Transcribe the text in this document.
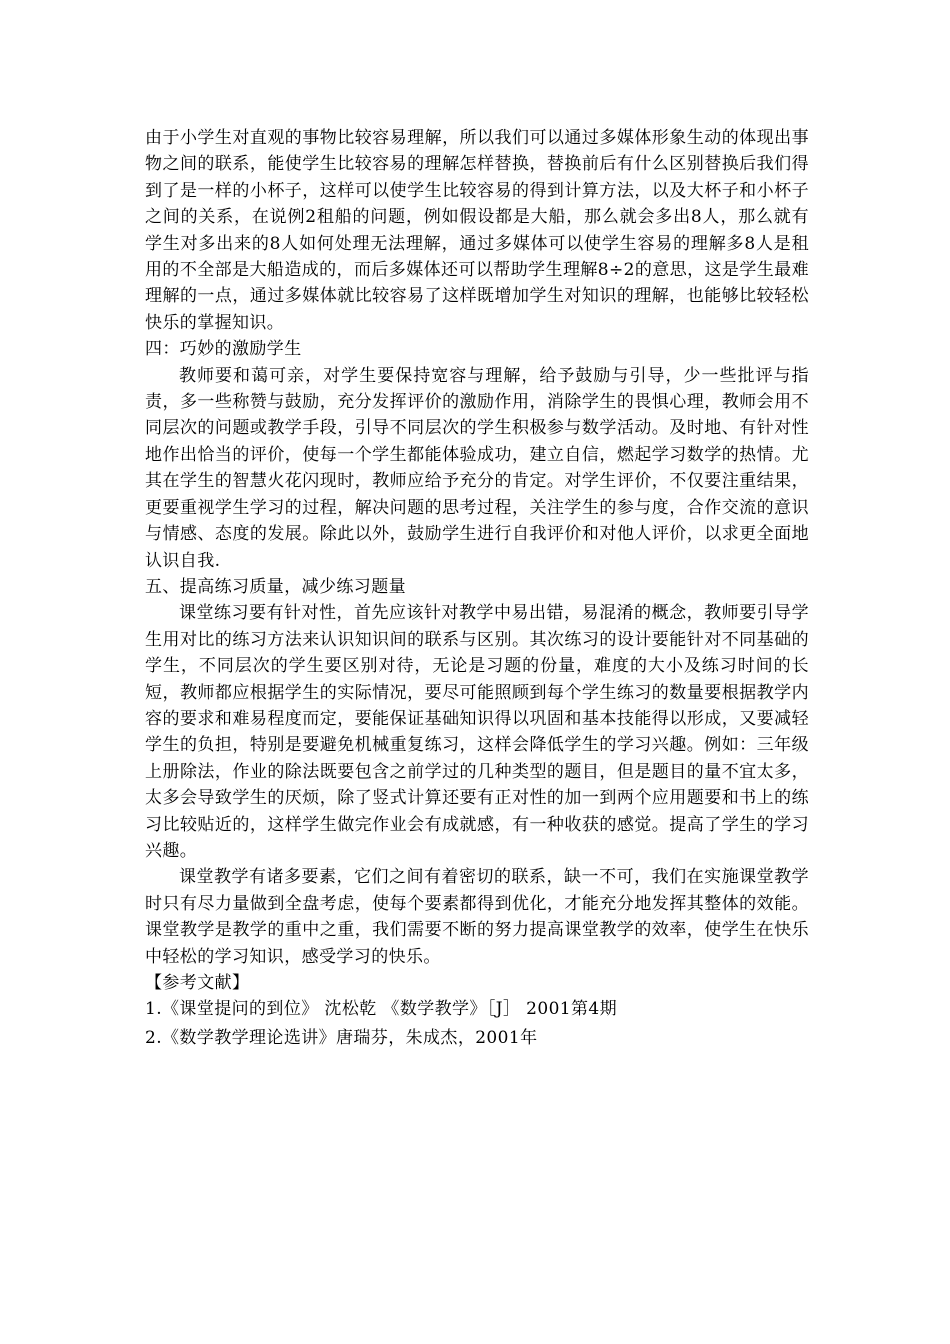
由于小学生对直观的事物比较容易理解，所以我们可以通过多媒体形象生动的体现出事物之间的联系，能使学生比较容易的理解怎样替换，替换前后有什么区别替换后我们得到了是一样的小杯子，这样可以使学生比较容易的得到计算方法，以及大杯子和小杯子之间的关系，在说例2租船的问题，例如假设都是大船，那么就会多出8人，那么就有学生对多出来的8人如何处理无法理解，通过多媒体可以使学生容易的理解多8人是租用的不全部是大船造成的，而后多媒体还可以帮助学生理解8÷2的意思，这是学生最难理解的一点，通过多媒体就比较容易了这样既增加学生对知识的理解，也能够比较轻松快乐的掌握知识。

四：巧妙的激励学生

教师要和蔼可亲，对学生要保持宽容与理解，给予鼓励与引导，少一些批评与指责，多一些称赞与鼓励，充分发挥评价的激励作用，消除学生的畏惧心理，教师会用不同层次的问题或教学手段，引导不同层次的学生积极参与数学活动。及时地、有针对性地作出恰当的评价，使每一个学生都能体验成功，建立自信，燃起学习数学的热情。尤其在学生的智慧火花闪现时，教师应给予充分的肯定。对学生评价，不仅要注重结果，更要重视学生学习的过程，解决问题的思考过程，关注学生的参与度，合作交流的意识与情感、态度的发展。除此以外，鼓励学生进行自我评价和对他人评价，以求更全面地认识自我.

五、提高练习质量，减少练习题量

课堂练习要有针对性，首先应该针对教学中易出错，易混淆的概念，教师要引导学生用对比的练习方法来认识知识间的联系与区别。其次练习的设计要能针对不同基础的学生，不同层次的学生要区别对待，无论是习题的份量，难度的大小及练习时间的长短，教师都应根据学生的实际情况，要尽可能照顾到每个学生练习的数量要根据教学内容的要求和难易程度而定，要能保证基础知识得以巩固和基本技能得以形成，又要减轻学生的负担，特别是要避免机械重复练习，这样会降低学生的学习兴趣。例如：三年级上册除法，作业的除法既要包含之前学过的几种类型的题目，但是题目的量不宜太多，太多会导致学生的厌烦，除了竖式计算还要有正对性的加一到两个应用题要和书上的练习比较贴近的，这样学生做完作业会有成就感，有一种收获的感觉。提高了学生的学习兴趣。

课堂教学有诸多要素，它们之间有着密切的联系，缺一不可，我们在实施课堂教学时只有尽力量做到全盘考虑，使每个要素都得到优化，才能充分地发挥其整体的效能。课堂教学是教学的重中之重，我们需要不断的努力提高课堂教学的效率，使学生在快乐中轻松的学习知识，感受学习的快乐。

【参考文献】

1.《课堂提问的到位》 沈松乾 《数学教学》［J］ 2001第4期

2.《数学教学理论选讲》唐瑞芬，朱成杰，2001年
